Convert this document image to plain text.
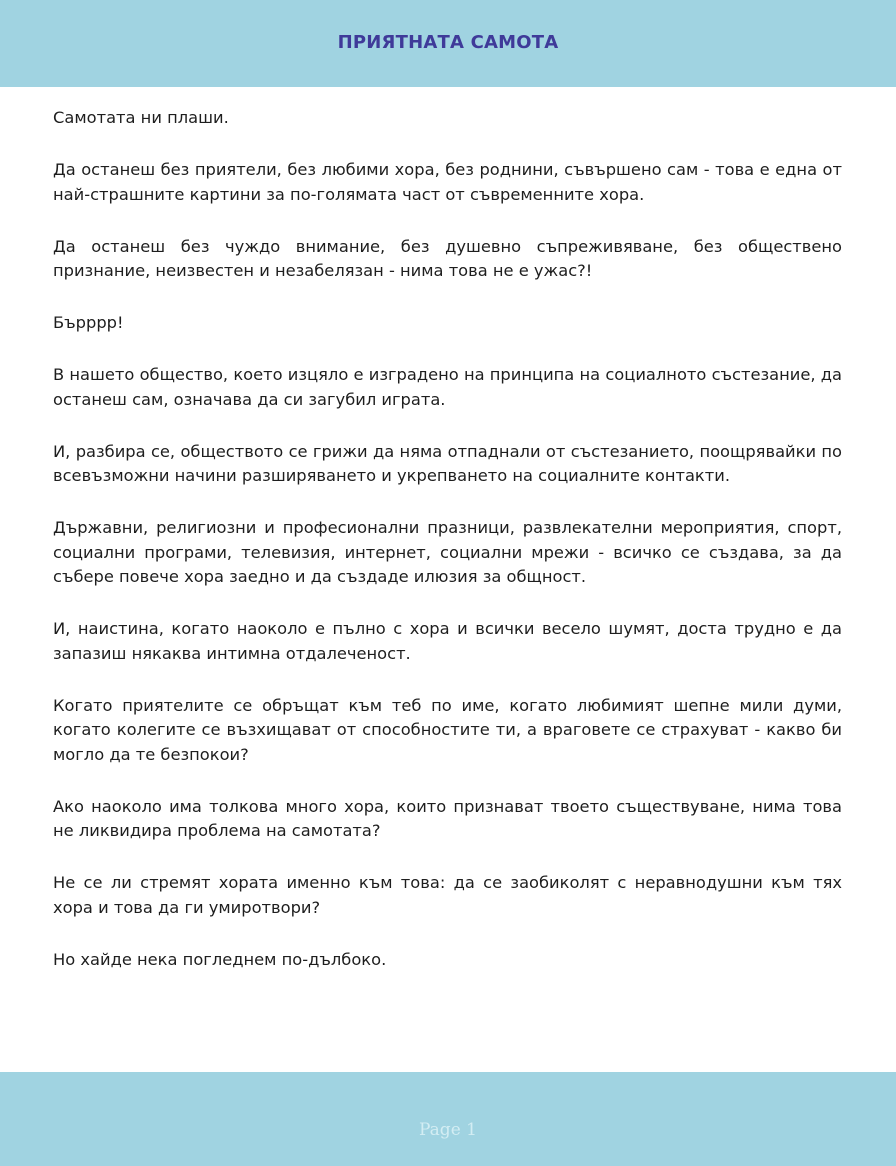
ПРИЯТНАТА САМОТА

Самотата ни плаши.

Да останеш без приятели, без любими хора, без роднини, съвършено сам - това е една от най-страшните картини за по-голямата част от съвременните хора.

Да останеш без чуждо внимание, без душевно съпреживяване, без обществено признание, неизвестен и незабелязан - нима това не е ужас?!

Бърррр!

В нашето общество, което изцяло е изградено на принципа на социалното състезание, да останеш сам, означава да си загубил играта.

И, разбира се, обществото се грижи да няма отпаднали от състезанието, поощрявайки по всевъзможни начини разширяването и укрепването на социалните контакти.

Държавни, религиозни и професионални празници, развлекателни мероприятия, спорт, социални програми, телевизия, интернет, социални мрежи - всичко се създава, за да събере повече хора заедно и да създаде илюзия за общност.

И, наистина, когато наоколо е пълно с хора и всички весело шумят, доста трудно е да запазиш някаква интимна отдалеченост.

Когато приятелите се обръщат към теб по име, когато любимият шепне мили думи, когато колегите се възхищават от способностите ти, а враговете се страхуват - какво би могло да те безпокои?

Ако наоколо има толкова много хора, които признават твоето съществуване, нима това не ликвидира проблема на самотата?

Не се ли стремят хората именно към това: да се заобиколят с неравнодушни към тях хора и това да ги умиротвори?

Но хайде нека погледнем по-дълбоко.

Page 1
